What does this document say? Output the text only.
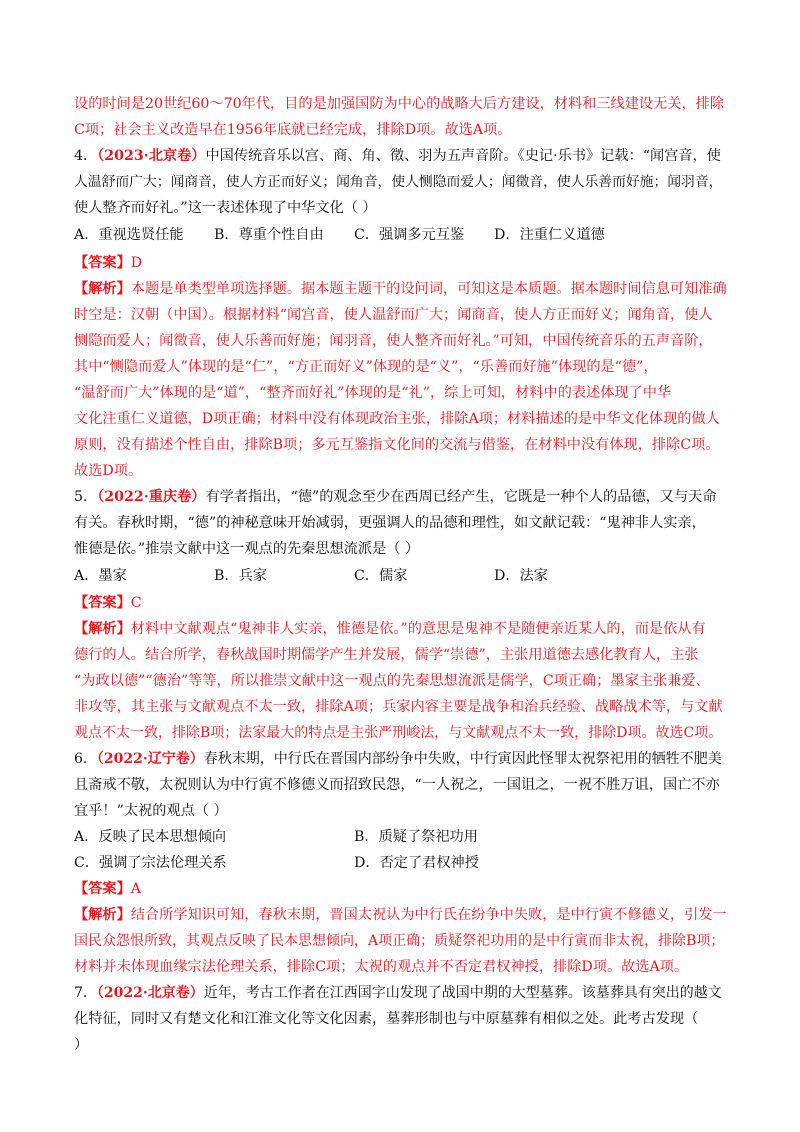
设的时间是20世纪60～70年代，目的是加强国防为中心的战略大后方建设，材料和三线建设无关，排除
C项；社会主义改造早在1956年底就已经完成，排除D项。故选A项。
4．（2023·北京卷）中国传统音乐以宫、商、角、徵、羽为五声音阶。《史记·乐书》记载：“闻宫音，使
人温舒而广大；闻商音，使人方正而好义；闻角音，使人恻隐而爱人；闻徵音，使人乐善而好施；闻羽音，
使人整齐而好礼。”这一表述体现了中华文化（ ）
A．重视选贤任能 B．尊重个性自由 C．强调多元互鉴 D．注重仁义道德
【答案】D
【解析】本题是单类型单项选择题。据本题主题干的设问词，可知这是本质题。据本题时间信息可知准确
时空是：汉朝（中国）。根据材料“闻宫音，使人温舒而广大；闻商音，使人方正而好义；闻角音，使人
恻隐而爱人；闻徵音，使人乐善而好施；闻羽音，使人整齐而好礼。”可知，中国传统音乐的五声音阶，
其中“恻隐而爱人”体现的是“仁”，“方正而好义”体现的是“义”，“乐善而好施”体现的是“德”，
“温舒而广大”体现的是“道”，“整齐而好礼”体现的是“礼”，综上可知，材料中的表述体现了中华
文化注重仁义道德，D项正确；材料中没有体现政治主张，排除A项；材料描述的是中华文化体现的做人
原则，没有描述个性自由，排除B项；多元互鉴指文化间的交流与借鉴，在材料中没有体现，排除C项。
故选D项。
5．（2022·重庆卷）有学者指出，“德”的观念至少在西周已经产生，它既是一种个人的品德，又与天命
有关。春秋时期，“德”的神秘意味开始减弱，更强调人的品德和理性，如文献记载：“鬼神非人实亲，
惟德是依。”推崇文献中这一观点的先秦思想流派是（ ）
A．墨家	B．兵家	C．儒家	D．法家
【答案】C
【解析】材料中文献观点“鬼神非人实亲，惟德是依。”的意思是鬼神不是随便亲近某人的，而是依从有
德行的人。结合所学，春秋战国时期儒学产生并发展，儒学“崇德”，主张用道德去感化教育人，主张
“为政以德”“德治”等等，所以推崇文献中这一观点的先秦思想流派是儒学，C项正确；墨家主张兼爱、
非攻等，其主张与文献观点不太一致，排除A项；兵家内容主要是战争和治兵经验、战略战术等，与文献
观点不太一致，排除B项；法家最大的特点是主张严刑峻法，与文献观点不太一致，排除D项。故选C项。
6．（2022·辽宁卷）春秋末期，中行氏在晋国内部纷争中失败，中行寅因此怪罪太祝祭祀用的牺牲不肥美
且斋戒不敬，太祝则认为中行寅不修德义而招致民怨，“一人祝之，一国诅之，一祝不胜万诅，国亡不亦
宜乎！”太祝的观点（ ）
A．反映了民本思想倾向	B．质疑了祭祀功用
C．强调了宗法伦理关系	D．否定了君权神授
【答案】A
【解析】结合所学知识可知，春秋末期，晋国太祝认为中行氏在纷争中失败，是中行寅不修德义，引发一
国民众怨恨所致，其观点反映了民本思想倾向，A项正确；质疑祭祀功用的是中行寅而非太祝，排除B项；
材料并未体现血缘宗法伦理关系，排除C项；太祝的观点并不否定君权神授，排除D项。故选A项。
7．（2022·北京卷）近年，考古工作者在江西国字山发现了战国中期的大型墓葬。该墓葬具有突出的越文
化特征，同时又有楚文化和江淮文化等文化因素，墓葬形制也与中原墓葬有相似之处。此考古发现（
）
